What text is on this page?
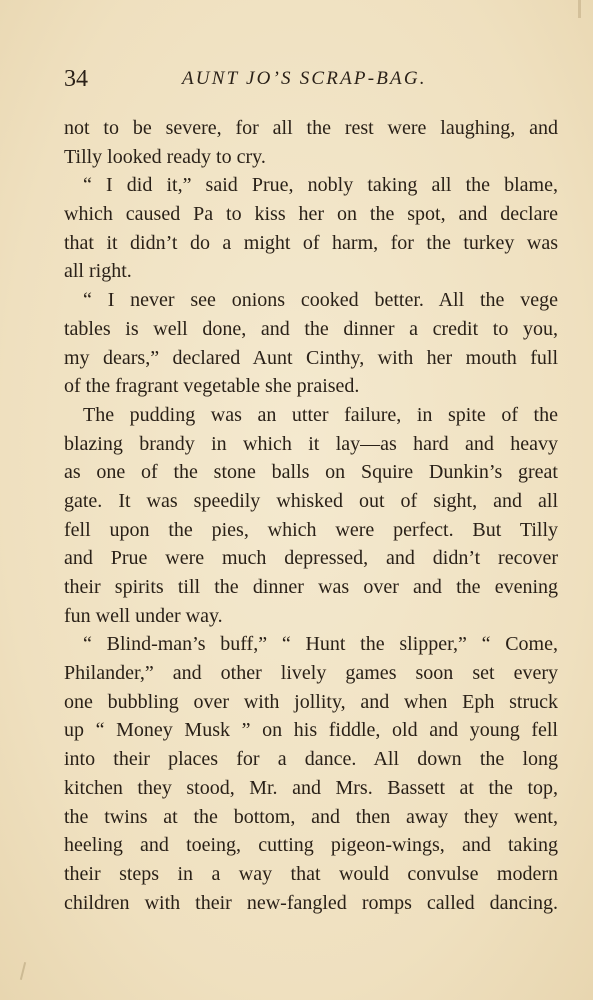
34	AUNT JO’S SCRAP-BAG.
not to be severe, for all the rest were laughing, and
Tilly looked ready to cry.
“ I did it,” said Prue, nobly taking all the blame,
which caused Pa to kiss her on the spot, and declare
that it didn’t do a might of harm, for the turkey was
all right.
“ I never see onions cooked better. All the vege
tables is well done, and the dinner a credit to you,
my dears,” declared Aunt Cinthy, with her mouth full
of the fragrant vegetable she praised.
The pudding was an utter failure, in spite of the
blazing brandy in which it lay—as hard and heavy
as one of the stone balls on Squire Dunkin’s great
gate. It was speedily whisked out of sight, and all
fell upon the pies, which were perfect. But Tilly
and Prue were much depressed, and didn’t recover
their spirits till the dinner was over and the evening
fun well under way.
“ Blind-man’s buff,” “ Hunt the slipper,” “ Come,
Philander,” and other lively games soon set every
one bubbling over with jollity, and when Eph struck
up “ Money Musk ” on his fiddle, old and young fell
into their places for a dance. All down the long
kitchen they stood, Mr. and Mrs. Bassett at the top,
the twins at the bottom, and then away they went,
heeling and toeing, cutting pigeon-wings, and taking
their steps in a way that would convulse modern
children with their new-fangled romps called dancing.
